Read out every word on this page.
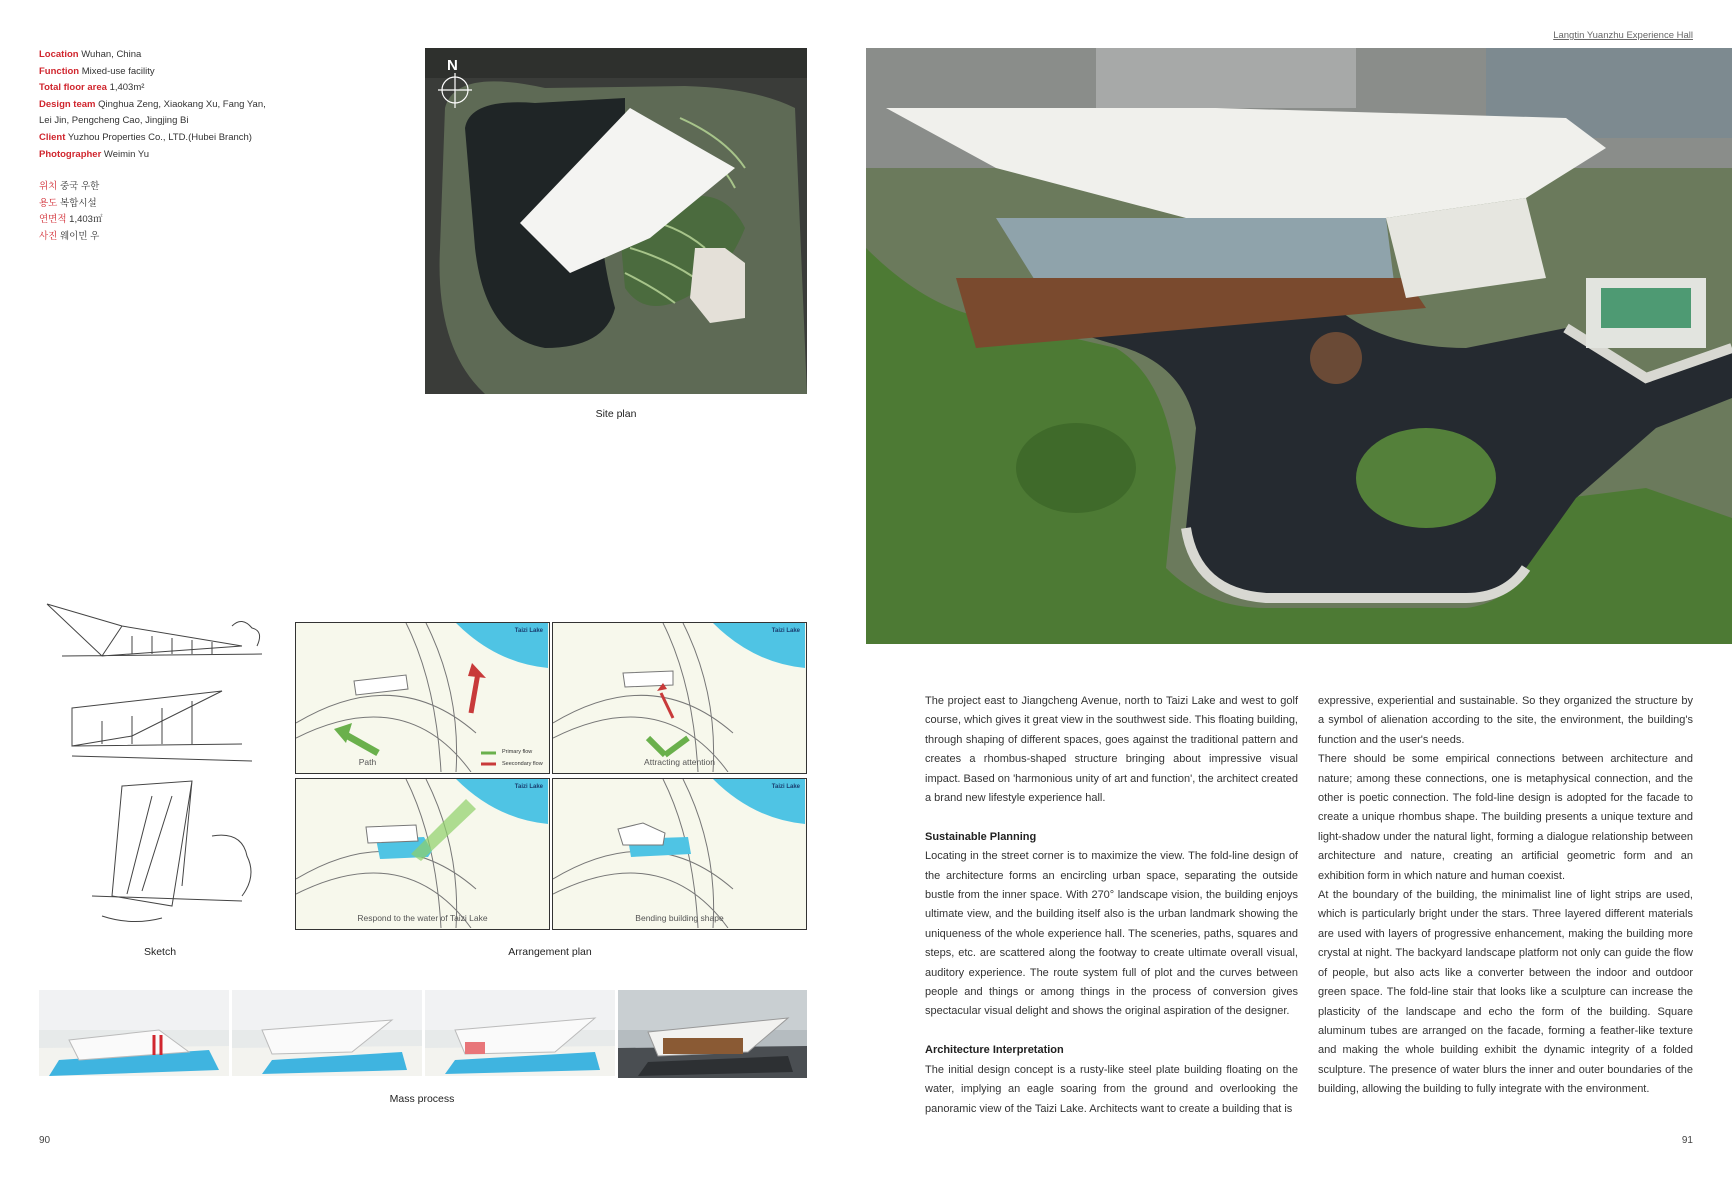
Langtin Yuanzhu Experience Hall
Location Wuhan, China
Function Mixed-use facility
Total floor area 1,403m²
Design team Qinghua Zeng, Xiaokang Xu, Fang Yan,
Lei Jin, Pengcheng Cao, Jingjing Bi
Client Yuzhou Properties Co., LTD.(Hubei Branch)
Photographer Weimin Yu
위치 중국 우한
용도 복합시설
연면적 1,403㎡
사진 웨이민 우
N
Site plan
Sketch
Taizi Lake
Primary flow
Seecondary flow
Path
Taizi Lake
Attracting attention
Taizi Lake
Respond to the water of Taizi Lake
Taizi Lake
Bending building shape
Arrangement plan
Mass process

The project east to Jiangcheng Avenue, north to Taizi Lake and west to golf course, which gives it great view in the southwest side. This floating building, through shaping of different spaces, goes against the traditional pattern and creates a rhombus-shaped structure bringing about impressive visual impact. Based on 'harmonious unity of art and function', the architect created a brand new lifestyle experience hall.

Sustainable Planning

Locating in the street corner is to maximize the view. The fold-line design of the architecture forms an encircling urban space, separating the outside bustle from the inner space. With 270° landscape vision, the building enjoys ultimate view, and the building itself also is the urban landmark showing the uniqueness of the whole experience hall. The sceneries, paths, squares and steps, etc. are scattered along the footway to create ultimate overall visual, auditory experience. The route system full of plot and the curves between people and things or among things in the process of conversion gives spectacular visual delight and shows the original aspiration of the designer.

Architecture Interpretation

The initial design concept is a rusty-like steel plate building floating on the water, implying an eagle soaring from the ground and overlooking the panoramic view of the Taizi Lake. Architects want to create a building that is

expressive, experiential and sustainable. So they organized the structure by a symbol of alienation according to the site, the environment, the building's function and the user's needs.

There should be some empirical connections between architecture and nature; among these connections, one is metaphysical connection, and the other is poetic connection. The fold-line design is adopted for the facade to create a unique rhombus shape. The building presents a unique texture and light-shadow under the natural light, forming a dialogue relationship between architecture and nature, creating an artificial geometric form and an exhibition form in which nature and human coexist.

At the boundary of the building, the minimalist line of light strips are used, which is particularly bright under the stars. Three layered different materials are used with layers of progressive enhancement, making the building more crystal at night. The backyard landscape platform not only can guide the flow of people, but also acts like a converter between the indoor and outdoor green space. The fold-line stair that looks like a sculpture can increase the plasticity of the landscape and echo the form of the building. Square aluminum tubes are arranged on the facade, forming a feather-like texture and making the whole building exhibit the dynamic integrity of a folded sculpture. The presence of water blurs the inner and outer boundaries of the building, allowing the building to fully integrate with the environment.

90	91
